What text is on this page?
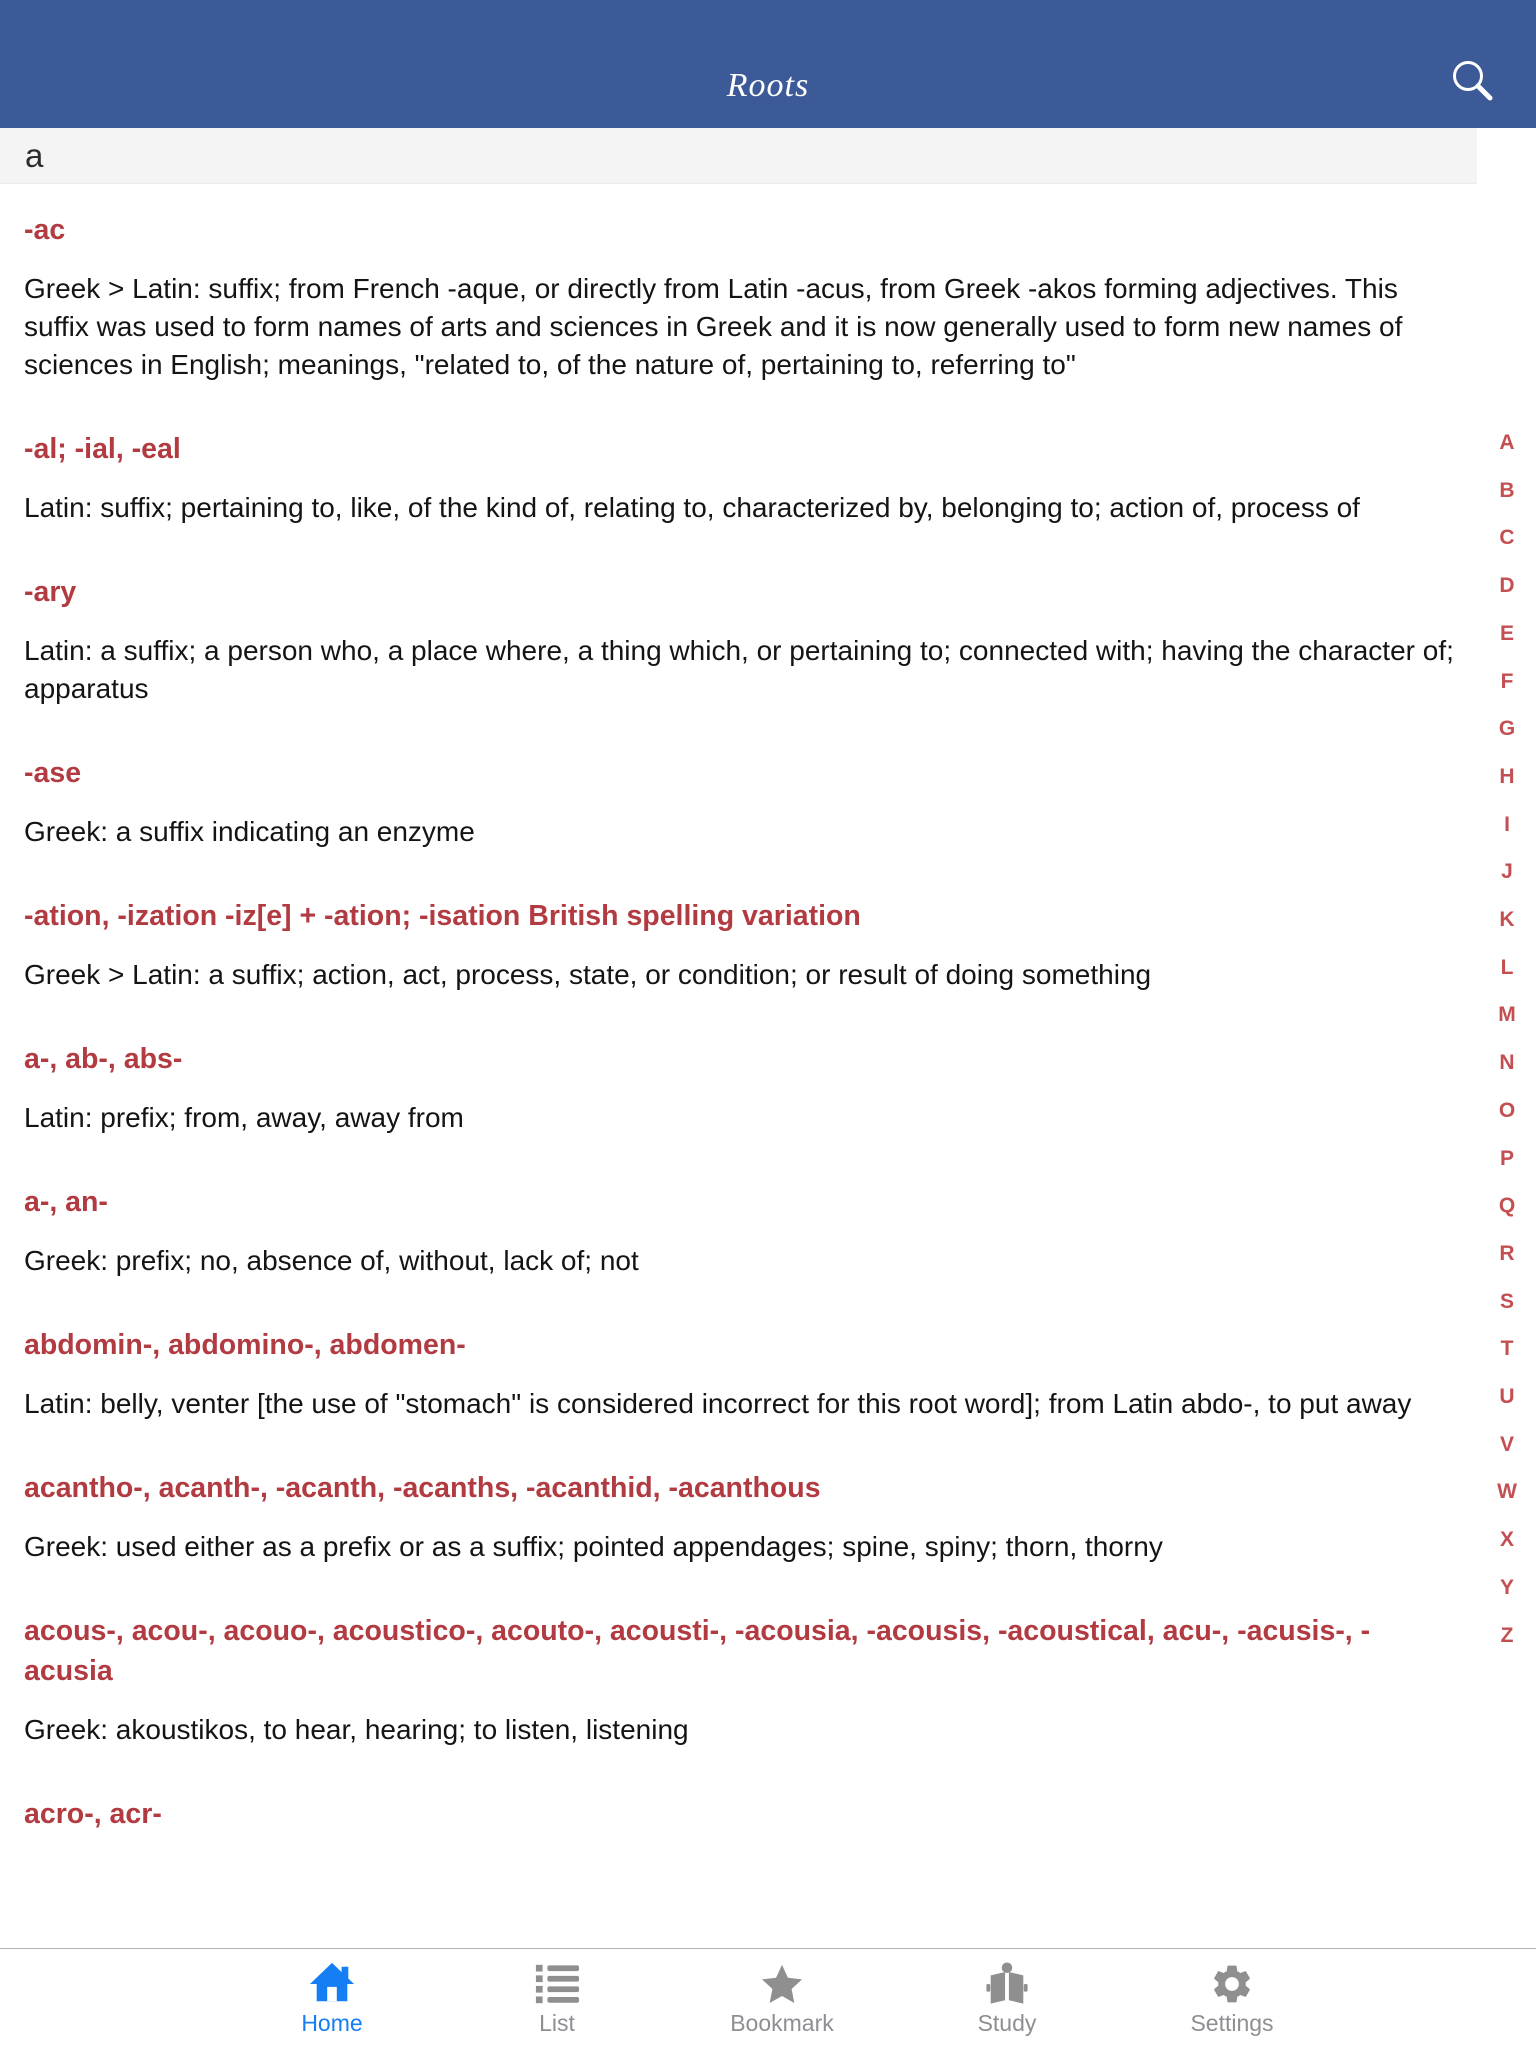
Roots
a
-ac

Greek > Latin: suffix; from French -aque, or directly from Latin -acus, from Greek -akos forming adjectives. This suffix was used to form names of arts and sciences in Greek and it is now generally used to form new names of sciences in English; meanings, "related to, of the nature of, pertaining to, referring to"

-al; -ial, -eal

Latin: suffix; pertaining to, like, of the kind of, relating to, characterized by, belonging to; action of, process of

-ary

Latin: a suffix; a person who, a place where, a thing which, or pertaining to; connected with; having the character of; apparatus

-ase

Greek: a suffix indicating an enzyme

-ation, -ization -iz[e] + -ation; -isation British spelling variation

Greek > Latin: a suffix; action, act, process, state, or condition; or result of doing something

a-, ab-, abs-

Latin: prefix; from, away, away from

a-, an-

Greek: prefix; no, absence of, without, lack of; not

abdomin-, abdomino-, abdomen-

Latin: belly, venter [the use of "stomach" is considered incorrect for this root word]; from Latin abdo-, to put away

acantho-, acanth-, -acanth, -acanths, -acanthid, -acanthous

Greek: used either as a prefix or as a suffix; pointed appendages; spine, spiny; thorn, thorny

acous-, acou-, acouo-, acoustico-, acouto-, acousti-, -acousia, -acousis, -acoustical, acu-, -acusis-, -acusia

Greek: akoustikos, to hear, hearing; to listen, listening

acro-, acr-
A
B
C
D
E
F
G
H
I
J
K
L
M
N
O
P
Q
R
S
T
U
V
W
X
Y
Z
Home	List	Bookmark	Study	Settings
